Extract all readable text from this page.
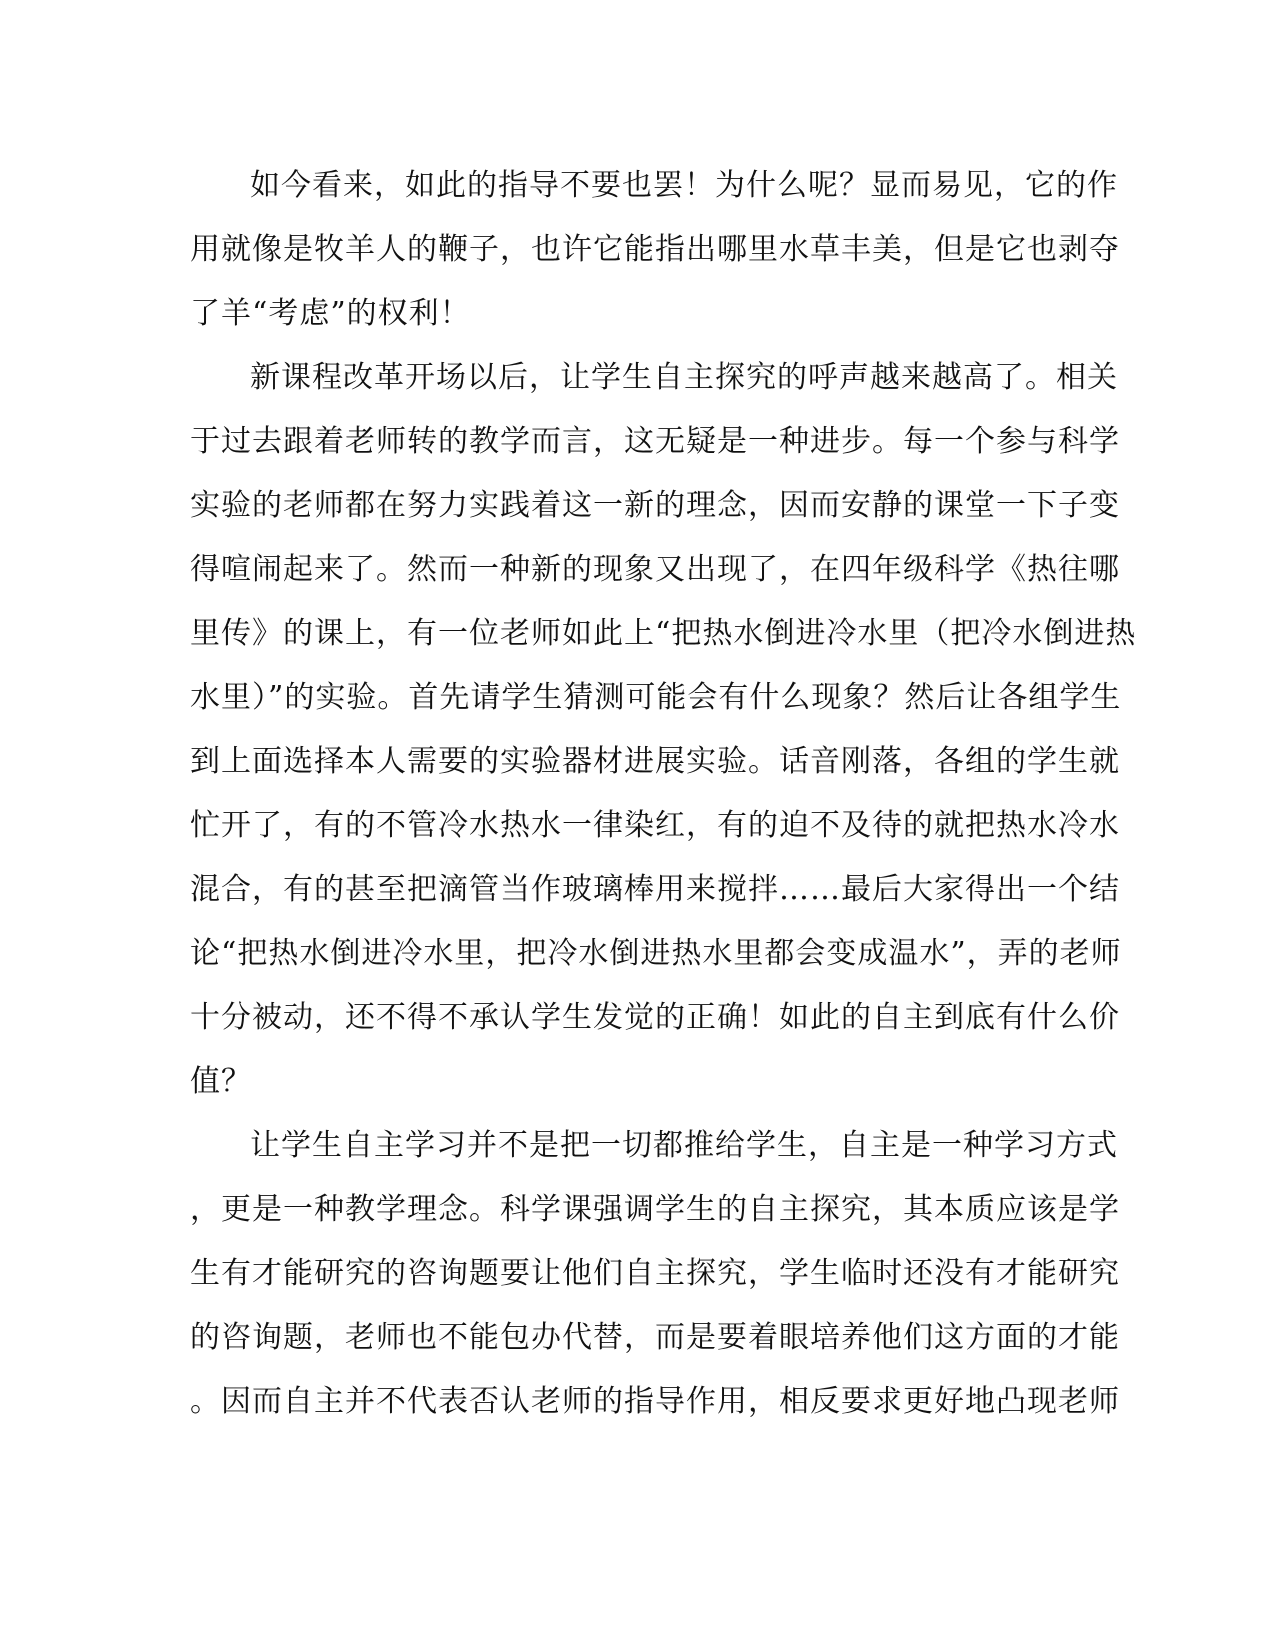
如今看来，如此的指导不要也罢！为什么呢？显而易见，它的作
用就像是牧羊人的鞭子，也许它能指出哪里水草丰美，但是它也剥夺
了羊“考虑”的权利！
新课程改革开场以后，让学生自主探究的呼声越来越高了。相关
于过去跟着老师转的教学而言，这无疑是一种进步。每一个参与科学
实验的老师都在努力实践着这一新的理念，因而安静的课堂一下子变
得喧闹起来了。然而一种新的现象又出现了，在四年级科学《热往哪
里传》的课上，有一位老师如此上“把热水倒进冷水里（把冷水倒进热
水里）”的实验。首先请学生猜测可能会有什么现象？然后让各组学生
到上面选择本人需要的实验器材进展实验。话音刚落，各组的学生就
忙开了，有的不管冷水热水一律染红，有的迫不及待的就把热水冷水
混合，有的甚至把滴管当作玻璃棒用来搅拌……最后大家得出一个结
论“把热水倒进冷水里，把冷水倒进热水里都会变成温水”，弄的老师
十分被动，还不得不承认学生发觉的正确！如此的自主到底有什么价
值？
让学生自主学习并不是把一切都推给学生，自主是一种学习方式
，更是一种教学理念。科学课强调学生的自主探究，其本质应该是学
生有才能研究的咨询题要让他们自主探究，学生临时还没有才能研究
的咨询题，老师也不能包办代替，而是要着眼培养他们这方面的才能
。因而自主并不代表否认老师的指导作用，相反要求更好地凸现老师
